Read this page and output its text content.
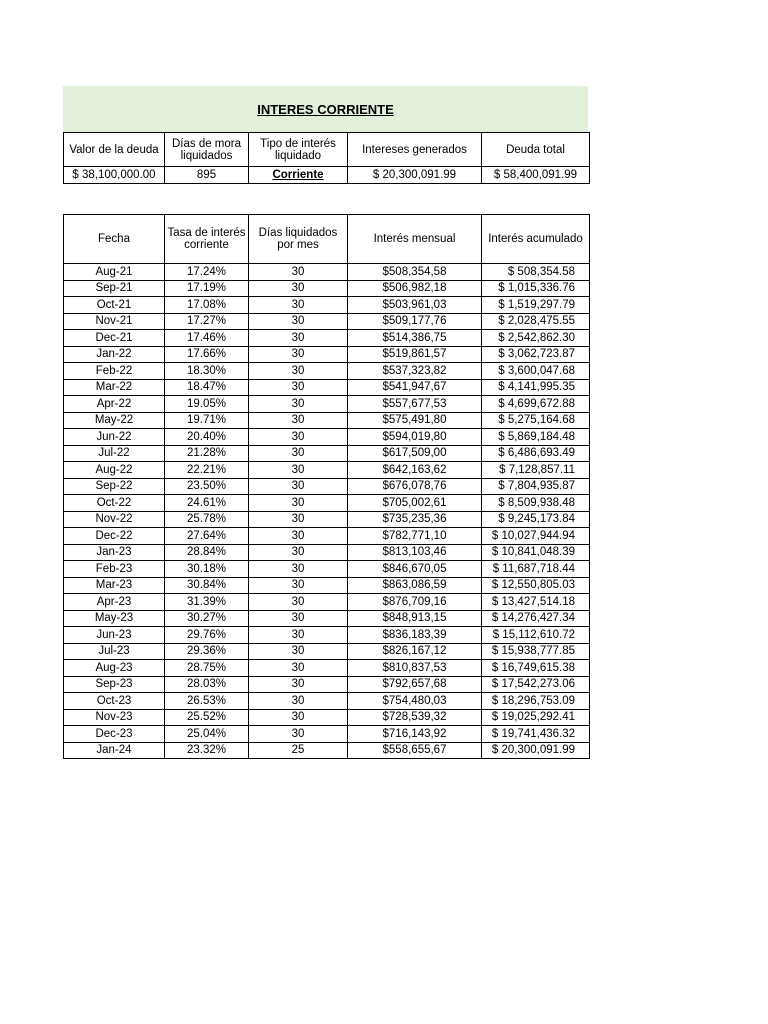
INTERES CORRIENTE
Valor de la deuda	Días de mora liquidados	Tipo de interés liquidado	Intereses generados	Deuda total
$ 38,100,000.00	895	Corriente	$ 20,300,091.99	$ 58,400,091.99
Fecha	Tasa de interés corriente	Días liquidados por mes	Interés mensual	Interés acumulado
Aug-21	17.24%	30	$508,354,58	$ 508,354.58
Sep-21	17.19%	30	$506,982,18	$ 1,015,336.76
Oct-21	17.08%	30	$503,961,03	$ 1,519,297.79
Nov-21	17.27%	30	$509,177,76	$ 2,028,475.55
Dec-21	17.46%	30	$514,386,75	$ 2,542,862.30
Jan-22	17.66%	30	$519,861,57	$ 3,062,723.87
Feb-22	18.30%	30	$537,323,82	$ 3,600,047.68
Mar-22	18.47%	30	$541,947,67	$ 4,141,995.35
Apr-22	19.05%	30	$557,677,53	$ 4,699,672.88
May-22	19.71%	30	$575,491,80	$ 5,275,164.68
Jun-22	20.40%	30	$594,019,80	$ 5,869,184.48
Jul-22	21.28%	30	$617,509,00	$ 6,486,693.49
Aug-22	22.21%	30	$642,163,62	$ 7,128,857.11
Sep-22	23.50%	30	$676,078,76	$ 7,804,935.87
Oct-22	24.61%	30	$705,002,61	$ 8,509,938.48
Nov-22	25.78%	30	$735,235,36	$ 9,245,173.84
Dec-22	27.64%	30	$782,771,10	$ 10,027,944.94
Jan-23	28.84%	30	$813,103,46	$ 10,841,048.39
Feb-23	30.18%	30	$846,670,05	$ 11,687,718.44
Mar-23	30.84%	30	$863,086,59	$ 12,550,805.03
Apr-23	31.39%	30	$876,709,16	$ 13,427,514.18
May-23	30.27%	30	$848,913,15	$ 14,276,427.34
Jun-23	29.76%	30	$836,183,39	$ 15,112,610.72
Jul-23	29.36%	30	$826,167,12	$ 15,938,777.85
Aug-23	28.75%	30	$810,837,53	$ 16,749,615.38
Sep-23	28.03%	30	$792,657,68	$ 17,542,273.06
Oct-23	26.53%	30	$754,480,03	$ 18,296,753.09
Nov-23	25.52%	30	$728,539,32	$ 19,025,292.41
Dec-23	25.04%	30	$716,143,92	$ 19,741,436.32
Jan-24	23.32%	25	$558,655,67	$ 20,300,091.99
